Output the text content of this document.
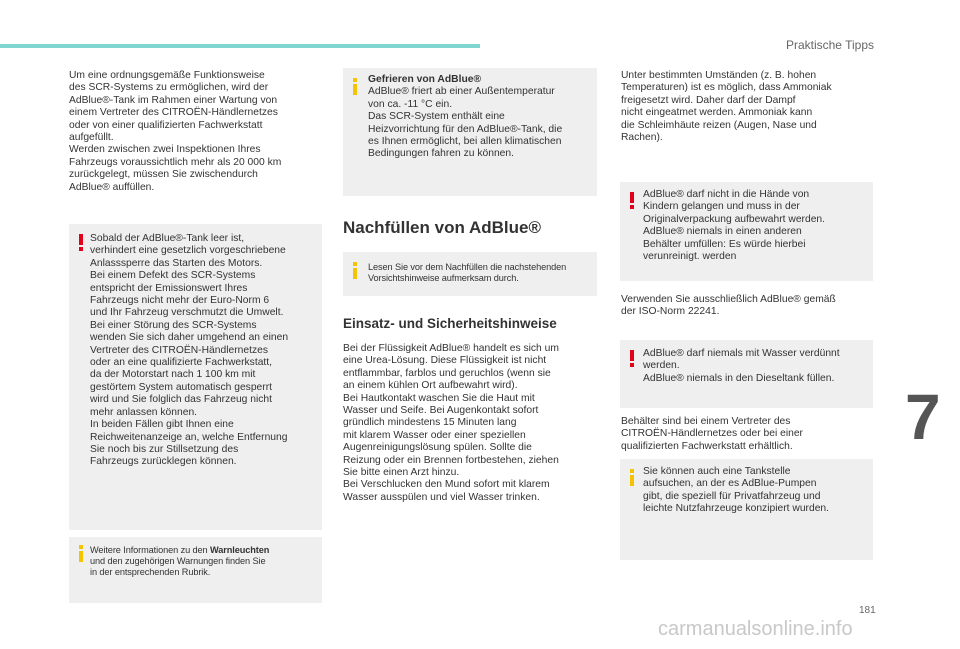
Praktische Tipps

Um eine ordnungsgemäße Funktionsweise
des SCR-Systems zu ermöglichen, wird der
AdBlue®-Tank im Rahmen einer Wartung von
einem Vertreter des CITROËN-Händlernetzes
oder von einer qualifizierten Fachwerkstatt
aufgefüllt.
Werden zwischen zwei Inspektionen Ihres
Fahrzeugs voraussichtlich mehr als 20 000 km
zurückgelegt, müssen Sie zwischendurch
AdBlue® auffüllen.

Sobald der AdBlue®-Tank leer ist,
verhindert eine gesetzlich vorgeschriebene
Anlasssperre das Starten des Motors.
Bei einem Defekt des SCR-Systems
entspricht der Emissionswert Ihres
Fahrzeugs nicht mehr der Euro-Norm 6
und Ihr Fahrzeug verschmutzt die Umwelt.
Bei einer Störung des SCR-Systems
wenden Sie sich daher umgehend an einen
Vertreter des CITROËN-Händlernetzes
oder an eine qualifizierte Fachwerkstatt,
da der Motorstart nach 1 100 km mit
gestörtem System automatisch gesperrt
wird und Sie folglich das Fahrzeug nicht
mehr anlassen können.
In beiden Fällen gibt Ihnen eine
Reichweitenanzeige an, welche Entfernung
Sie noch bis zur Stillsetzung des
Fahrzeugs zurücklegen können.
Weitere Informationen zu den Warnleuchten
und den zugehörigen Warnungen finden Sie
in der entsprechenden Rubrik.
Gefrieren von AdBlue®
AdBlue® friert ab einer Außentemperatur
von ca. -11 °C ein.
Das SCR-System enthält eine
Heizvorrichtung für den AdBlue®-Tank, die
es Ihnen ermöglicht, bei allen klimatischen
Bedingungen fahren zu können.
Nachfüllen von AdBlue®
Lesen Sie vor dem Nachfüllen die nachstehenden
Vorsichtshinweise aufmerksam durch.
Einsatz- und Sicherheitshinweise

Bei der Flüssigkeit AdBlue® handelt es sich um
eine Urea-Lösung. Diese Flüssigkeit ist nicht
entflammbar, farblos und geruchlos (wenn sie
an einem kühlen Ort aufbewahrt wird).
Bei Hautkontakt waschen Sie die Haut mit
Wasser und Seife. Bei Augenkontakt sofort
gründlich mindestens 15 Minuten lang
mit klarem Wasser oder einer speziellen
Augenreinigungslösung spülen. Sollte die
Reizung oder ein Brennen fortbestehen, ziehen
Sie bitte einen Arzt hinzu.
Bei Verschlucken den Mund sofort mit klarem
Wasser ausspülen und viel Wasser trinken.

Unter bestimmten Umständen (z. B. hohen
Temperaturen) ist es möglich, dass Ammoniak
freigesetzt wird. Daher darf der Dampf
nicht eingeatmet werden. Ammoniak kann
die Schleimhäute reizen (Augen, Nase und
Rachen).

AdBlue® darf nicht in die Hände von
Kindern gelangen und muss in der
Originalverpackung aufbewahrt werden.
AdBlue® niemals in einen anderen
Behälter umfüllen: Es würde hierbei
verunreinigt. werden

Verwenden Sie ausschließlich AdBlue® gemäß
der ISO-Norm 22241.

AdBlue® darf niemals mit Wasser verdünnt
werden.
AdBlue® niemals in den Dieseltank füllen.

Behälter sind bei einem Vertreter des
CITROËN-Händlernetzes oder bei einer
qualifizierten Fachwerkstatt erhältlich.

Sie können auch eine Tankstelle
aufsuchen, an der es AdBlue-Pumpen
gibt, die speziell für Privatfahrzeug und
leichte Nutzfahrzeuge konzipiert wurden.
7
181
carmanualsonline.info
